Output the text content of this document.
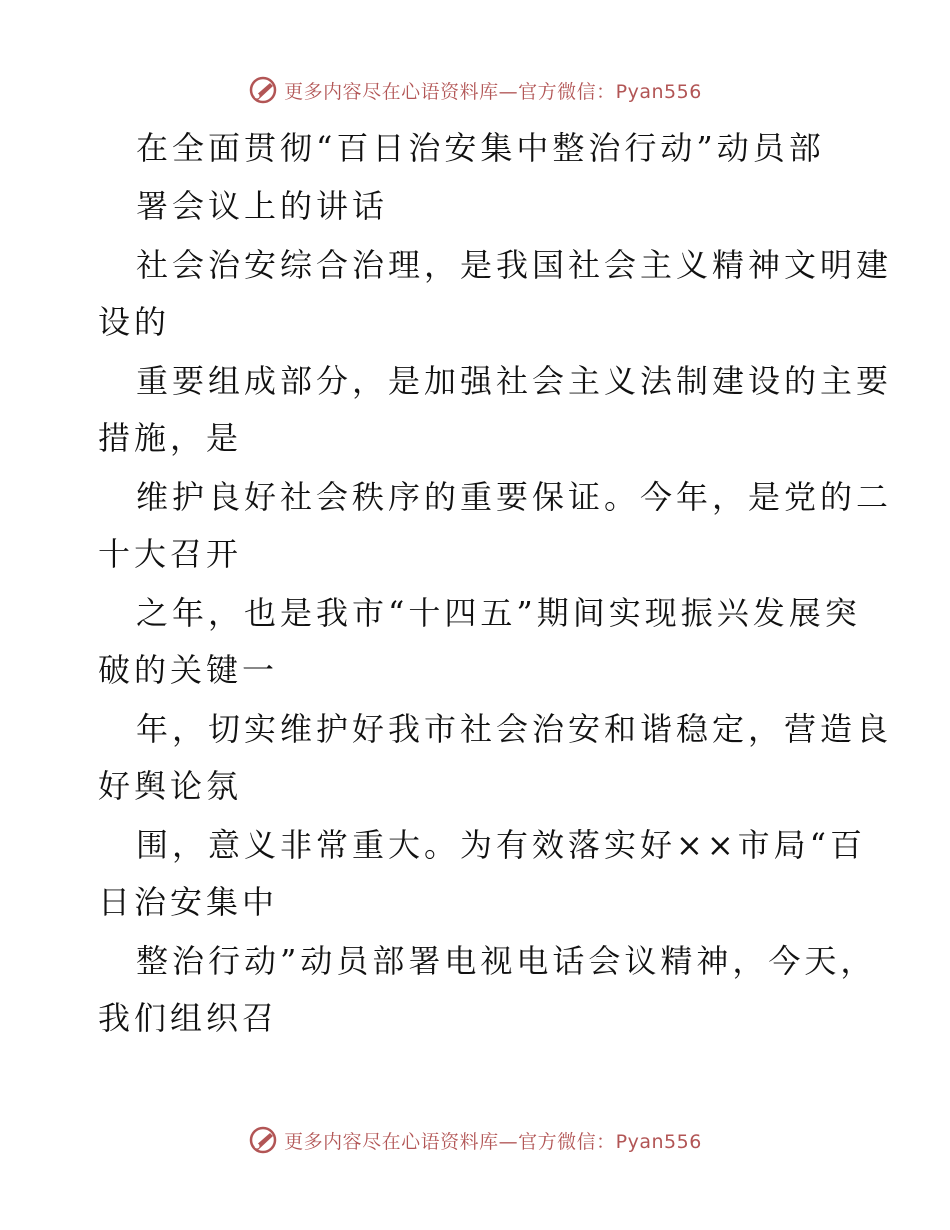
更多内容尽在心语资料库—官方微信：Pyan556
在全面贯彻“百日治安集中整治行动”动员部
署会议上的讲话
社会治安综合治理，是我国社会主义精神文明建
设的
重要组成部分，是加强社会主义法制建设的主要
措施，是
维护良好社会秩序的重要保证。今年，是党的二
十大召开
之年，也是我市“十四五”期间实现振兴发展突
破的关键一
年，切实维护好我市社会治安和谐稳定，营造良
好舆论氛
围，意义非常重大。为有效落实好××市局“百
日治安集中
整治行动”动员部署电视电话会议精神，今天，
我们组织召
更多内容尽在心语资料库—官方微信：Pyan556
